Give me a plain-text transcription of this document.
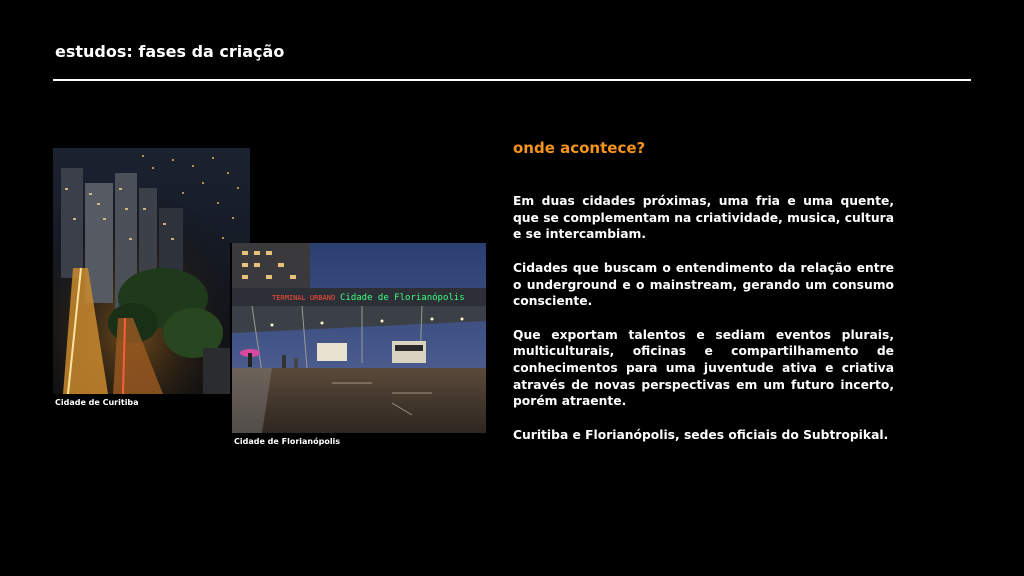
estudos: fases da criação
Cidade de Curitiba
TERMINAL URBANO Cidade de Florianópolis
Cidade de Florianópolis
onde acontece?

Em duas cidades próximas, uma fria e uma quente, que se complementam na criatividade, musica, cultura e se intercambiam.

Cidades que buscam o entendimento da relação entre o underground e o mainstream, gerando um consumo consciente.

Que exportam talentos e sediam eventos plurais, multiculturais, oficinas e compartilhamento de conhecimentos para uma juventude ativa e criativa através de novas perspectivas em um futuro incerto, porém atraente.

Curitiba e Florianópolis, sedes oficiais do Subtropikal.
